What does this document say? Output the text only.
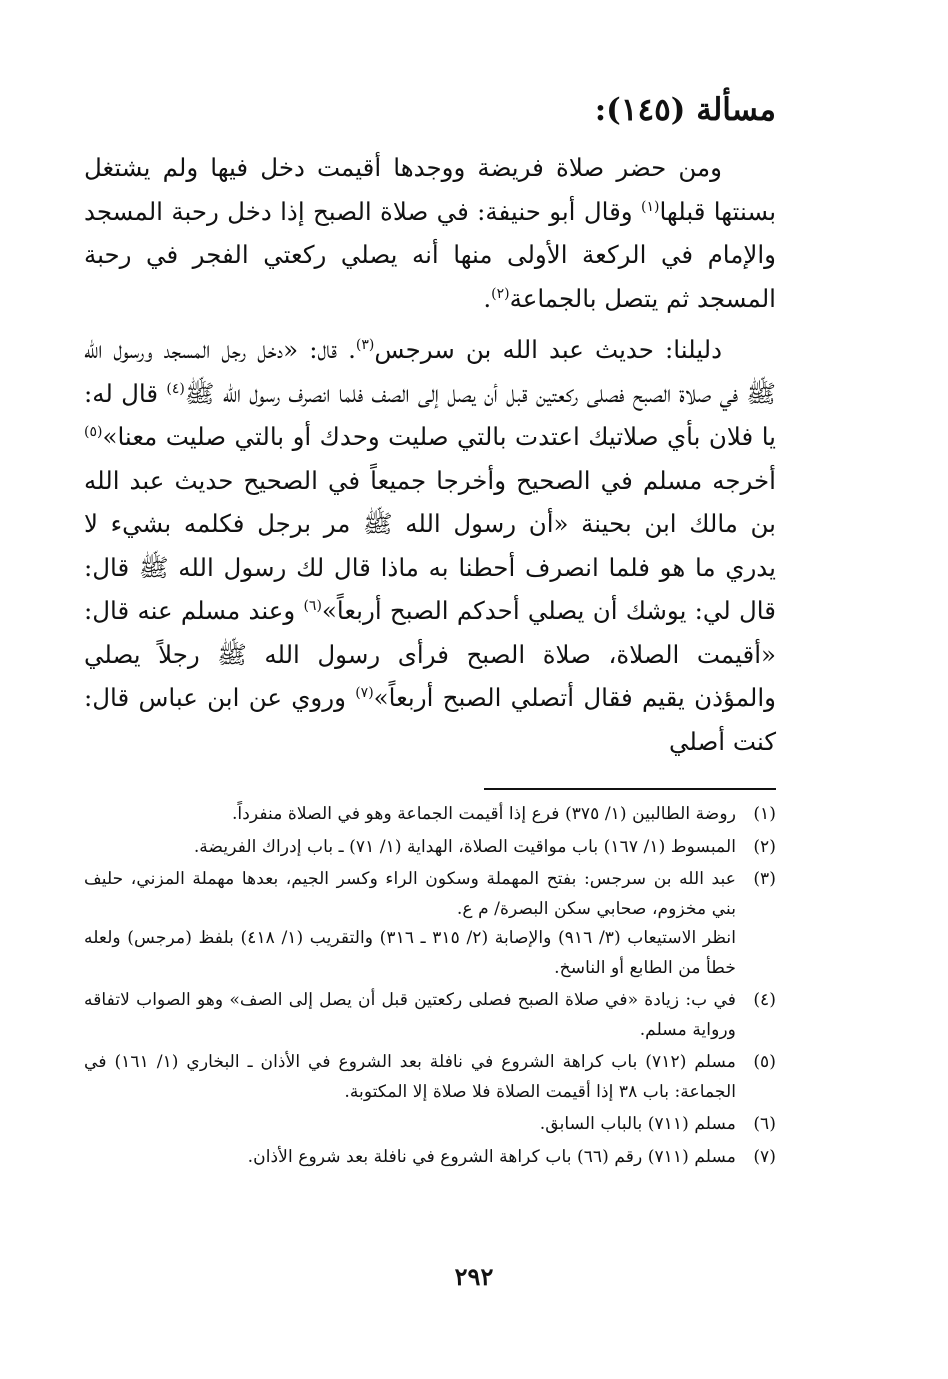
مسألة (١٤٥):

ومن حضر صلاة فريضة ووجدها أقيمت دخل فيها ولم يشتغل بسنتها قبلها$^{(١)}$ وقال أبو حنيفة: في صلاة الصبح إذا دخل رحبة المسجد والإمام في الركعة الأولى منها أنه يصلي ركعتي الفجر في رحبة المسجد ثم يتصل بالجماعة$^{(٢)}$.

دليلنا: حديث عبد الله بن سرجس$^{(٣)}$. قال: «دخل رجل المسجد ورسول الله ﷺ في صلاة الصبح فصلى ركعتين قبل أن يصل إلى الصف فلما انصرف رسول الله ﷺ$^{(٤)}$ قال له: يا فلان بأي صلاتيك اعتدت بالتي صليت وحدك أو بالتي صليت معنا»$^{(٥)}$ أخرجه مسلم في الصحيح وأخرجا جميعاً في الصحيح حديث عبد الله بن مالك ابن بحينة «أن رسول الله ﷺ مر برجل فكلمه بشيء لا يدري ما هو فلما انصرف أحطنا به ماذا قال لك رسول الله ﷺ قال: قال لي: يوشك أن يصلي أحدكم الصبح أربعاً»$^{(٦)}$ وعند مسلم عنه قال: «أقيمت الصلاة، صلاة الصبح فرأى رسول الله ﷺ رجلاً يصلي والمؤذن يقيم فقال أتصلي الصبح أربعاً»$^{(٧)}$ وروي عن ابن عباس قال: كنت أصلي

(١)
روضة الطالبين (١/ ٣٧٥) فرع إذا أقيمت الجماعة وهو في الصلاة منفرداً.
(٢)
المبسوط (١/ ١٦٧) باب مواقيت الصلاة، الهداية (١/ ٧١) ـ باب إدراك الفريضة.
(٣)
عبد الله بن سرجس: بفتح المهملة وسكون الراء وكسر الجيم، بعدها مهملة المزني، حليف بني مخزوم، صحابي سكن البصرة/ م ع.
انظر الاستيعاب (٣/ ٩١٦) والإصابة (٢/ ٣١٥ ـ ٣١٦) والتقريب (١/ ٤١٨) بلفظ (مرجس) ولعله خطأ من الطابع أو الناسخ.
(٤)
في ب: زيادة «في صلاة الصبح فصلى ركعتين قبل أن يصل إلى الصف» وهو الصواب لاتفاقه ورواية مسلم.
(٥)
مسلم (٧١٢) باب كراهة الشروع في نافلة بعد الشروع في الأذان ـ البخاري (١/ ١٦١) في الجماعة: باب ٣٨ إذا أقيمت الصلاة فلا صلاة إلا المكتوبة.
(٦)
مسلم (٧١١) بالباب السابق.
(٧)
مسلم (٧١١) رقم (٦٦) باب كراهة الشروع في نافلة بعد شروع الأذان.
٢٩٢
